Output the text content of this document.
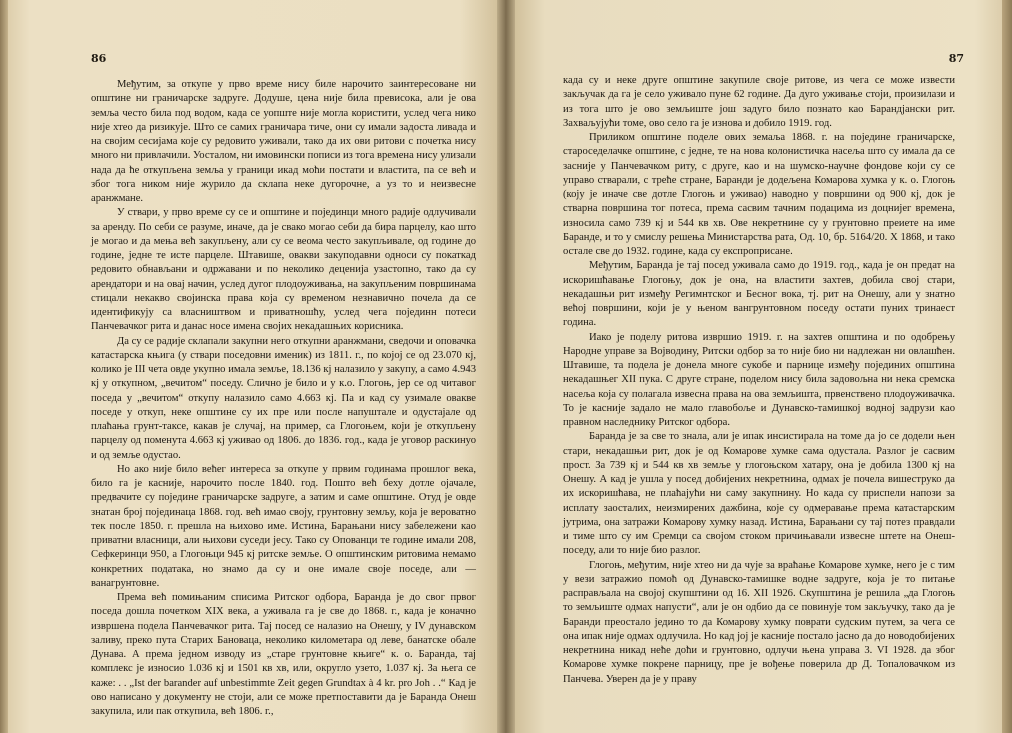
86

Међутим, за откупе у прво време нису биле нарочито заинтересоване ни општине ни граничарске задруге. Додуше, цена није била превисока, али је ова земља често била под водом, када се уопште није могла користити, услед чега нико није хтео да ризикује. Што се самих граничара тиче, они су имали задоста ливада и на својим сесијама које су редовито уживали, тако да их ови ритови с почетка нису много ни привлачили. Уосталом, ни имовински пописи из тога времена нису улизали нада да ће откупљена земља у граници икад мoћи постати и властита, па се већ и због тога ником није журило да склапа неке дугорочне, а уз то и неизвесне аранжмане.

У ствари, у прво време су се и општине и појединци много радије одлучивали за аренду. По себи се разуме, иначе, да је свако могао себи да бира парцелу, као што је могао и да мења већ закупљену, али су се веома често закупљивале, од године до године, једне те исте парцеле. Штавише, овакви закуподавни односи су покаткад редовито обнављани и одржавани и по неколико деценија узастопно, тако да су арендатори и на овај начин, услед дугог плодоуживања, на закупљеним површинама стицали некакво својинска права која су временом незнавично почела да се идентификују са власништвом и приватношћу, услед чега појединн потеси Панчевачког рита и данас носе имена својих некадашњих корисника.

Да су се радије склапали закупни него откупни аранжмани, сведочи и оповачка катастарска књига (у ствари поседовни именик) из 1811. г., по којој се од 23.070 кј, колико је III чета овде укупно имала земље, 18.136 кј налазило у закупу, а само 4.943 кј у откупном, „вечитом“ поседу. Слично је било и у к.о. Глогоњ, јер се од читавог поседа у „вечитом“ откупу налазило само 4.663 кј. Па и кад су узимале овакве поседе у откуп, неке општине су их пре или после напуштале и одустајале од плаћања грунт-таксе, какав је случај, на пример, са Глогоњем, који је откупљену парцелу од поменута 4.663 кј уживао од 1806. до 1836. год., када је уговор раскинуо и од земље одустао.

Но ако није било већег интереса за откупе у првим годинама прошлог века, било га је касније, нарочито после 1840. год. Пошто већ беху дотле ојачале, предвачите су поједине граничарске задруге, а затим и саме општине. Отуд је овде знатан број појединаца 1868. год. већ имао своју, грунтовну земљу, која је вероватно тек после 1850. г. прешла на њихово име. Истина, Барањани нису забележени као приватни власници, али њихови суседи јесу. Тако су Опованци те године имали 208, Сефкеринци 950, а Глогоњци 945 кј ритске земље. О општинским ритовима немамо конкретних података, но знамо да су и оне имале своје поседе, али — ванагрунтовне.

Према већ помињаним списима Ритског одбора, Баранда је до свог првог поседа дошла почетком XIX века, а уживала га је све до 1868. г., када је коначно извршена подела Панчевачког рита. Тај посед се налазио на Онешу, у IV дунавском заливу, преко пута Старих Бановаца, неколико километара од леве, банатске обале Дунава. А према једном изводу из „старе грунтовне књиге“ к. о. Баранда, тај комплекс је износио 1.036 кј и 1501 кв хв, или, округло узето, 1.037 кј. За њега се каже: . . „Ist der barander auf unbestimmte Zeit gegen Grundtax à 4 kr. pro Joh . .“ Кад је ово написано у документу не стоји, али се може претпоставити да је Баранда Онеш закупила, или пак откупила, већ 1806. г.,

87

када су и неке друге општине закупиле своје ритове, из чега се може извести закључак да га је село уживало пуне 62 године. Да дуго уживање стоји, произилази и из тога што је ово земљиште још задуго било познато као Барандјански рит. Захваљујући томе, ово село га је изнова и добило 1919. год.

Приликом општине поделе ових земаља 1868. г. на поједине граничарске, староседелачке општине, с једне, те на нова колонистичка насеља што су имала да се засније у Панчевачком риту, с друге, као и на шумско-научне фондове који су се управо стварали, с треће стране, Баранди је додељена Комарова хумка у к. о. Глогоњ (коју је иначе све дотле Глогоњ и уживао) наводно у површини од 900 кј, док је стварна површина тог потеса, према сасвим тачним подацима из доцнијег времена, износила само 739 кј и 544 кв хв. Ове некретнине су у грунтовно преиете на име Баранде, и то у смислу решења Министарства рата, Од. 10, бр. 5164/20. X 1868, и тако остале све до 1932. године, када су експроприсане.

Међутим, Баранда је тај посед уживала само до 1919. год., када је он предат на искоришћавање Глогоњу, док је она, на властити захтев, добила свој стари, некадашњи рит између Регимнтског и Бесног вока, тј. рит на Онешу, али у знатно већој површини, који је у њеном вангрунтовном поседу остати пуних тринаест година.

Иако је поделу ритова извршио 1919. г. на захтев општина и по одобрењу Народне управе за Војводину, Ритски одбор за то није био ни надлежан ни овлашћен. Штавише, та подела је донела многе сукобе и парнице између појединих општина некадашњег XII пука. С друге стране, поделом нису била задовољна ни нека сремска насеља која су полагала извесна права на ова земљишта, првенствено плодоуживачка. То је касније задало не мало главобоље и Дунавско-тамишкој водној задрузи као правном наследнику Ритског одбора.

Баранда је за све то знала, али је ипак инсистирала на томе да јо се додели њен стари, некадашњи рит, док је од Комарове хумке сама одустала. Разлог је сасвим прост. За 739 кј и 544 кв хв земље у глогоњском хатару, она је добила 1300 кј на Онешу. А кад је ушла у посед добијених некретнина, одмах је почела вишеструко да их искоришћава, не плаћајући ни саму закупнину. Но када су приспели напози за исплату заосталих, неизмирених дажбина, које су одмеравање према катастарским јутрима, она затражи Комарову хумку назад. Истина, Барањани су тај потез правдали и тиме што су им Сремци са својом стоком причињавали извесне штете на Онеш-поседу, али то није био разлог.

Глогоњ, међутим, није хтео ни да чује за враћање Комарове хумке, него је с тим у вези затражио помоћ од Дунавско-тамишке водне задруге, која је то питање расправљала на својој скупштини од 16. XII 1926. Скупштина је решила „да Глогоњ то земљиште одмах напусти“, али је он одбио да се повинује том закључку, тако да је Баранди преостало једино то да Комарову хумку поврати судским путем, за чега се она ипак није одмах одлучила. Но кад јој је касније постало јасно да до новодобијених некретнина никад неће доћи и грунтовно, одлучи њена управа 3. VI 1928. да због Комарове хумке покрене парницу, пре је вођење поверила др Д. Топаловачком из Панчева. Уверен да је у праву
